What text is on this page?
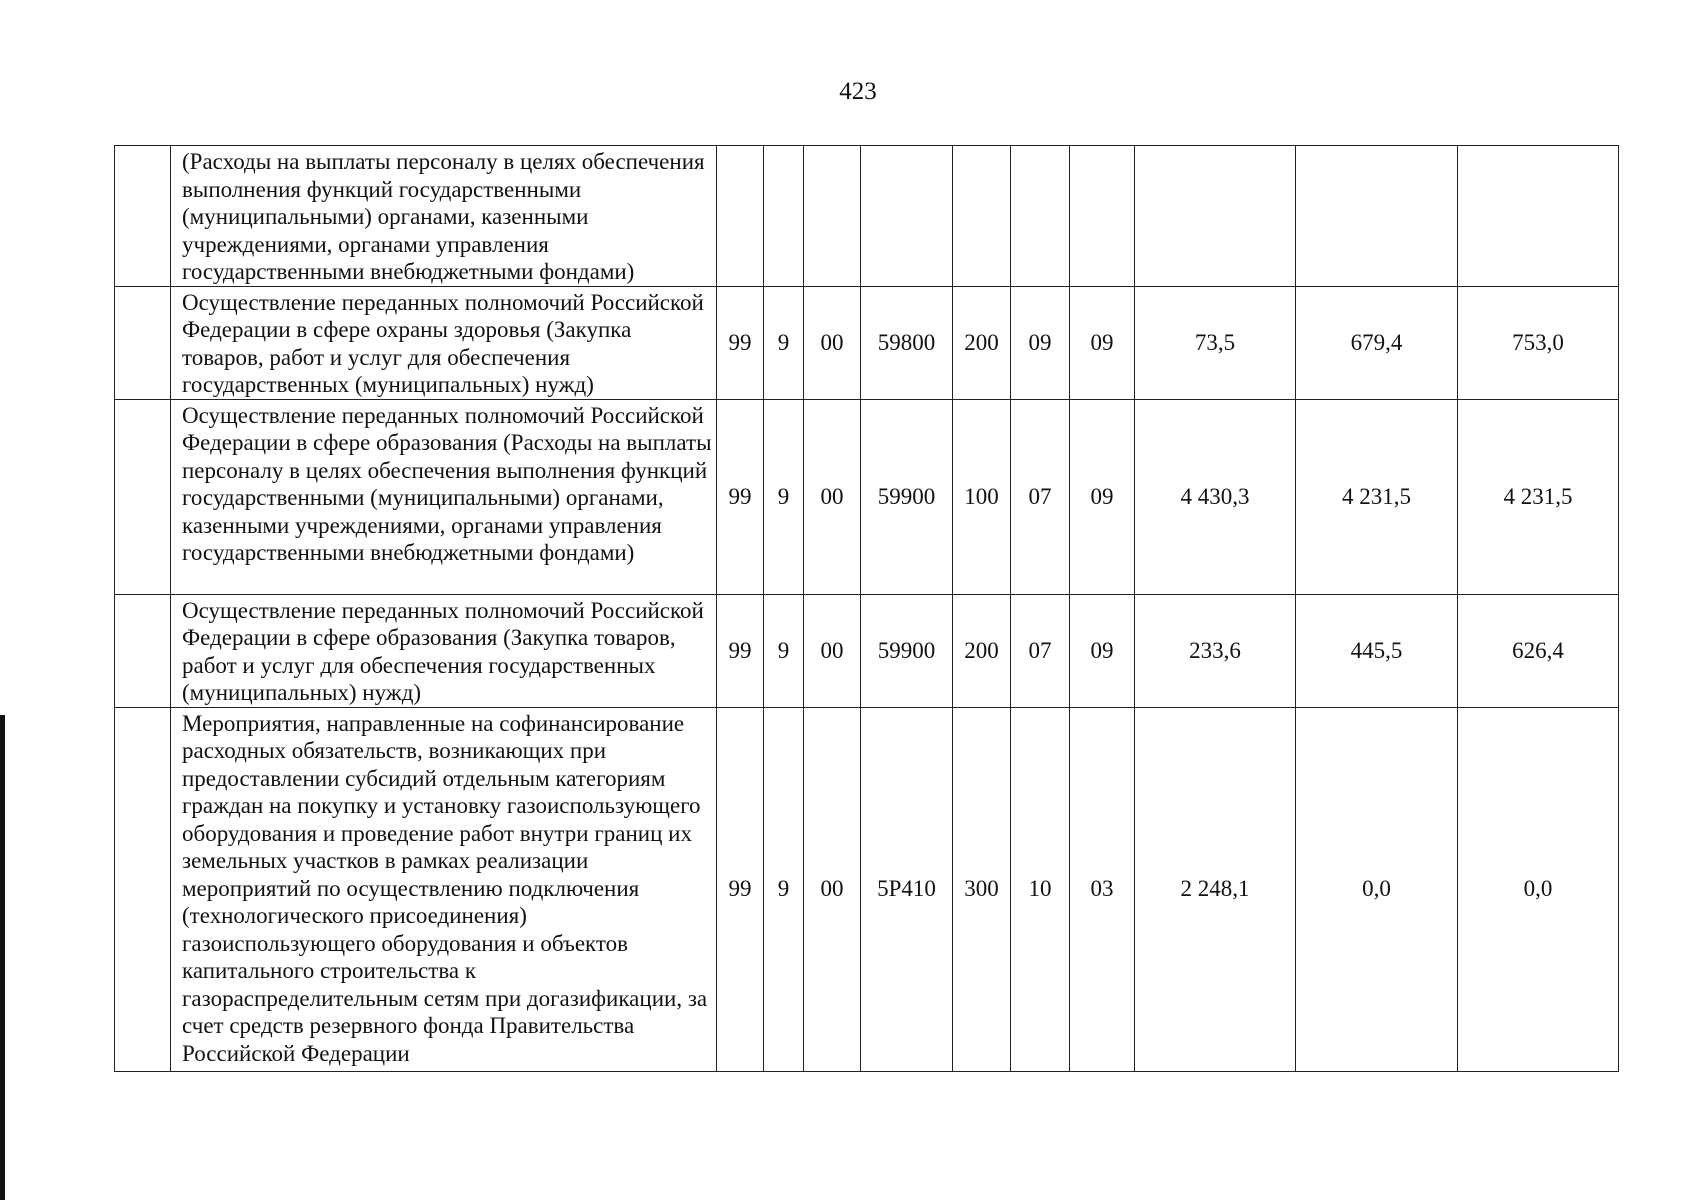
423
	(Расходы на выплаты персоналу в целях обеспечения выполнения функций государственными (муниципальными) органами, казенными учреждениями, органами управления государственными внебюджетными фондами)										
	Осуществление переданных полномочий Российской Федерации в сфере охраны здоровья (Закупка товаров, работ и услуг для обеспечения государственных (муниципальных) нужд)	99	9	00	59800	200	09	09	73,5	679,4	753,0
	Осуществление переданных полномочий Российской Федерации в сфере образования (Расходы на выплаты персоналу в целях обеспечения выполнения функций государственными (муниципальными) органами, казенными учреждениями, органами управления государственными внебюджетными фондами)	99	9	00	59900	100	07	09	4 430,3	4 231,5	4 231,5
	Осуществление переданных полномочий Российской Федерации в сфере образования (Закупка товаров, работ и услуг для обеспечения государственных (муниципальных) нужд)	99	9	00	59900	200	07	09	233,6	445,5	626,4
	Мероприятия, направленные на софинансирование расходных обязательств, возникающих при предоставлении субсидий отдельным категориям граждан на покупку и установку газоиспользующего оборудования и проведение работ внутри границ их земельных участков в рамках реализации мероприятий по осуществлению подключения (технологического присоединения) газоиспользующего оборудования и объектов капитального строительства к газораспределительным сетям при догазификации, за счет средств резервного фонда Правительства Российской Федерации	99	9	00	5Р410	300	10	03	2 248,1	0,0	0,0
